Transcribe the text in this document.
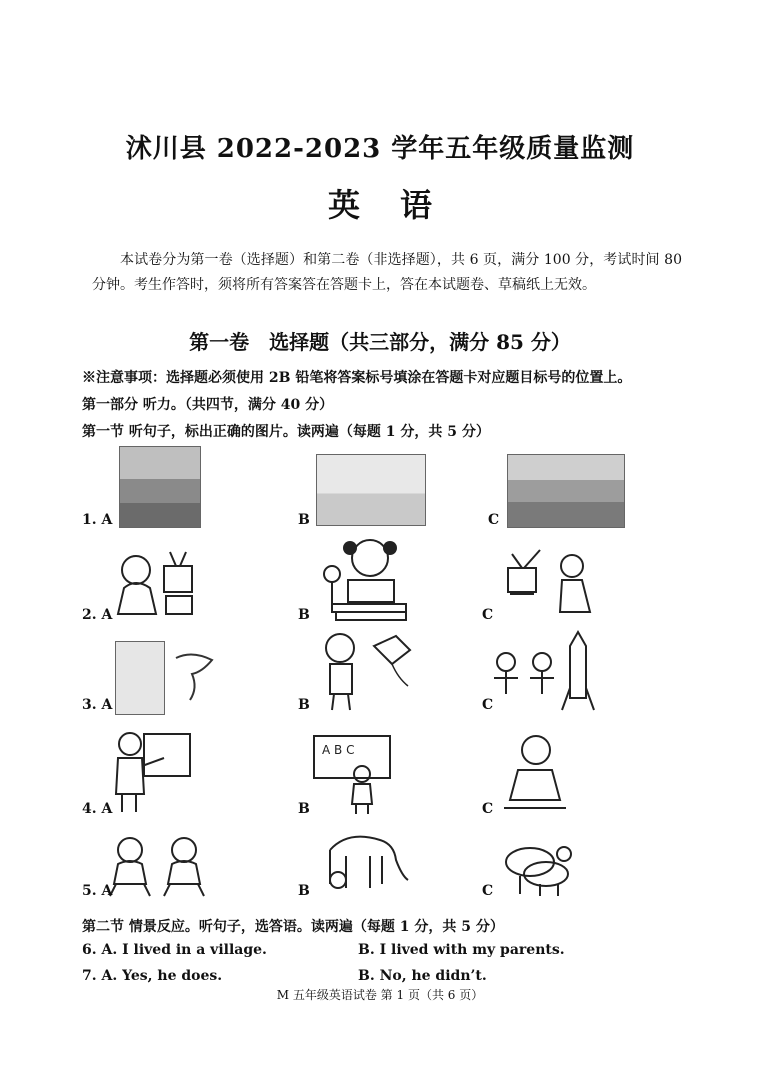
沭川县 2022-2023 学年五年级质量监测
英语
本试卷分为第一卷（选择题）和第二卷（非选择题），共 6 页，满分 100 分，考试时间 80 分钟。考生作答时，须将所有答案答在答题卡上，答在本试题卷、草稿纸上无效。
第一卷　选择题（共三部分，满分 85 分）
※注意事项：选择题必须使用 2B 铅笔将答案标号填涂在答题卡对应题目标号的位置上。
第一部分 听力。（共四节，满分 40 分）
第一节 听句子，标出正确的图片。读两遍（每题 1 分，共 5 分）
A B C
1. A	B	C
2. A	B	C
3. A	B	C
4. A	B	C
5. A	B	C
第二节 情景反应。听句子，选答语。读两遍（每题 1 分，共 5 分）
6. A. I lived in a village.	B. I lived with my parents.
7. A. Yes, he does.	B. No, he didn’t.
M 五年级英语试卷 第 1 页（共 6 页）
